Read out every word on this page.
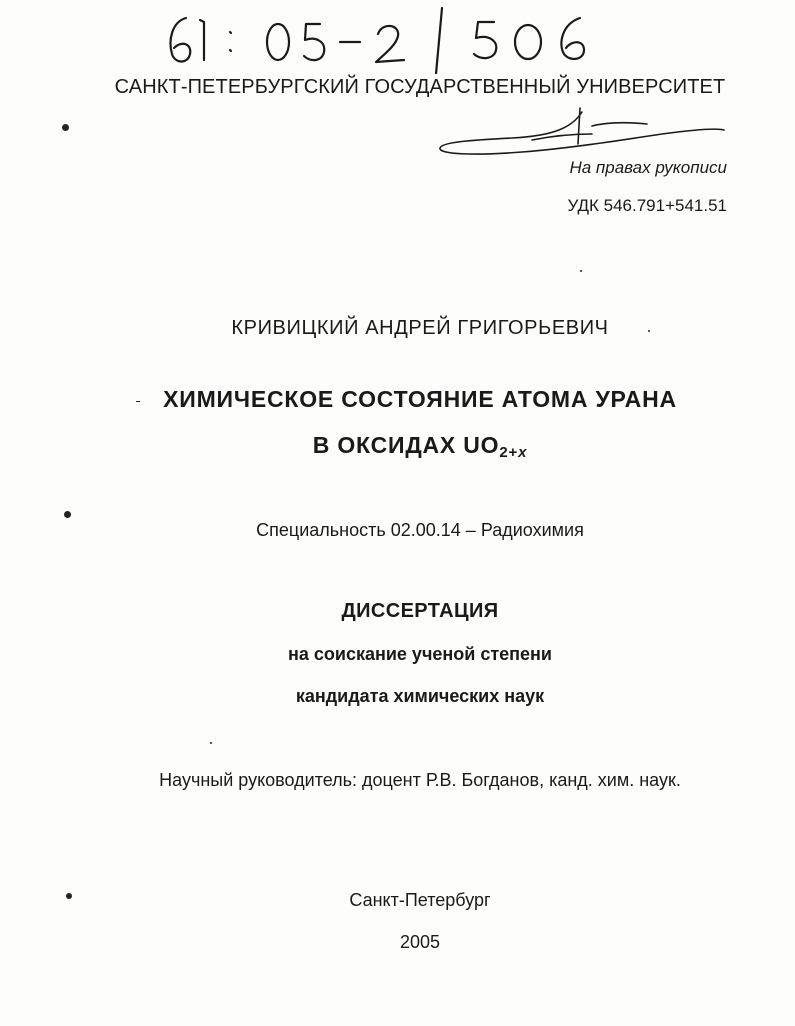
САНКТ-ПЕТЕРБУРГСКИЙ ГОСУДАРСТВЕННЫЙ УНИВЕРСИТЕТ
На правах рукописи
УДК 546.791+541.51
КРИВИЦКИЙ АНДРЕЙ ГРИГОРЬЕВИЧ
ХИМИЧЕСКОЕ СОСТОЯНИЕ АТОМА УРАНА
В ОКСИДАХ $UO_{2+x}$
Специальность 02.00.14 – Радиохимия
ДИССЕРТАЦИЯ
на соискание ученой степени
кандидата химических наук
Научный руководитель: доцент Р.В. Богданов, канд. хим. наук.
Санкт-Петербург
2005
